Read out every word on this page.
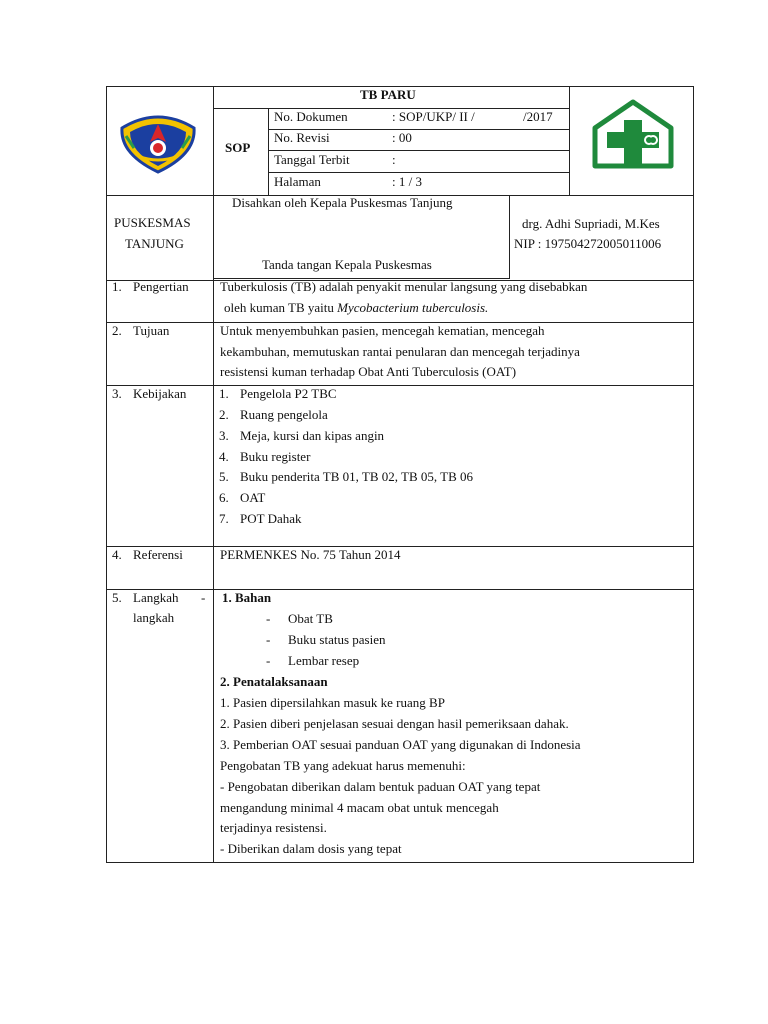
TB PARU
SOP
No. Dokumen	: SOP/UKP/ II /	/2017
No. Revisi	: 00
Tanggal Terbit	:
Halaman	: 1 / 3
PUSKESMAS
TANJUNG
Disahkan oleh Kepala Puskesmas Tanjung
Tanda tangan Kepala Puskesmas
drg. Adhi Supriadi, M.Kes
NIP : 197504272005011006
1. Pengertian Tuberkulosis (TB) adalah penyakit menular langsung yang disebabkan
oleh kuman TB yaitu Mycobacterium tuberculosis.
2. Tujuan	Untuk menyembuhkan pasien, mencegah kematian, mencegah
kekambuhan, memutuskan rantai penularan dan mencegah terjadinya
resistensi kuman terhadap Obat Anti Tuberculosis (OAT)
3. Kebijakan	1. Pengelola P2 TBC
2. Ruang pengelola
3. Meja, kursi dan kipas angin
4. Buku register
5. Buku penderita TB 01, TB 02, TB 05, TB 06
6. OAT
7. POT Dahak
4. Referensi	PERMENKES No. 75 Tahun 2014
5. Langkah -
langkah
1. Bahan
- Obat TB
- Buku status pasien
- Lembar resep
2. Penatalaksanaan
1. Pasien dipersilahkan masuk ke ruang BP
2. Pasien diberi penjelasan sesuai dengan hasil pemeriksaan dahak.
3. Pemberian OAT sesuai panduan OAT yang digunakan di Indonesia
Pengobatan TB yang adekuat harus memenuhi:
- Pengobatan diberikan dalam bentuk paduan OAT yang tepat
mengandung minimal 4 macam obat untuk mencegah
terjadinya resistensi.
- Diberikan dalam dosis yang tepat
